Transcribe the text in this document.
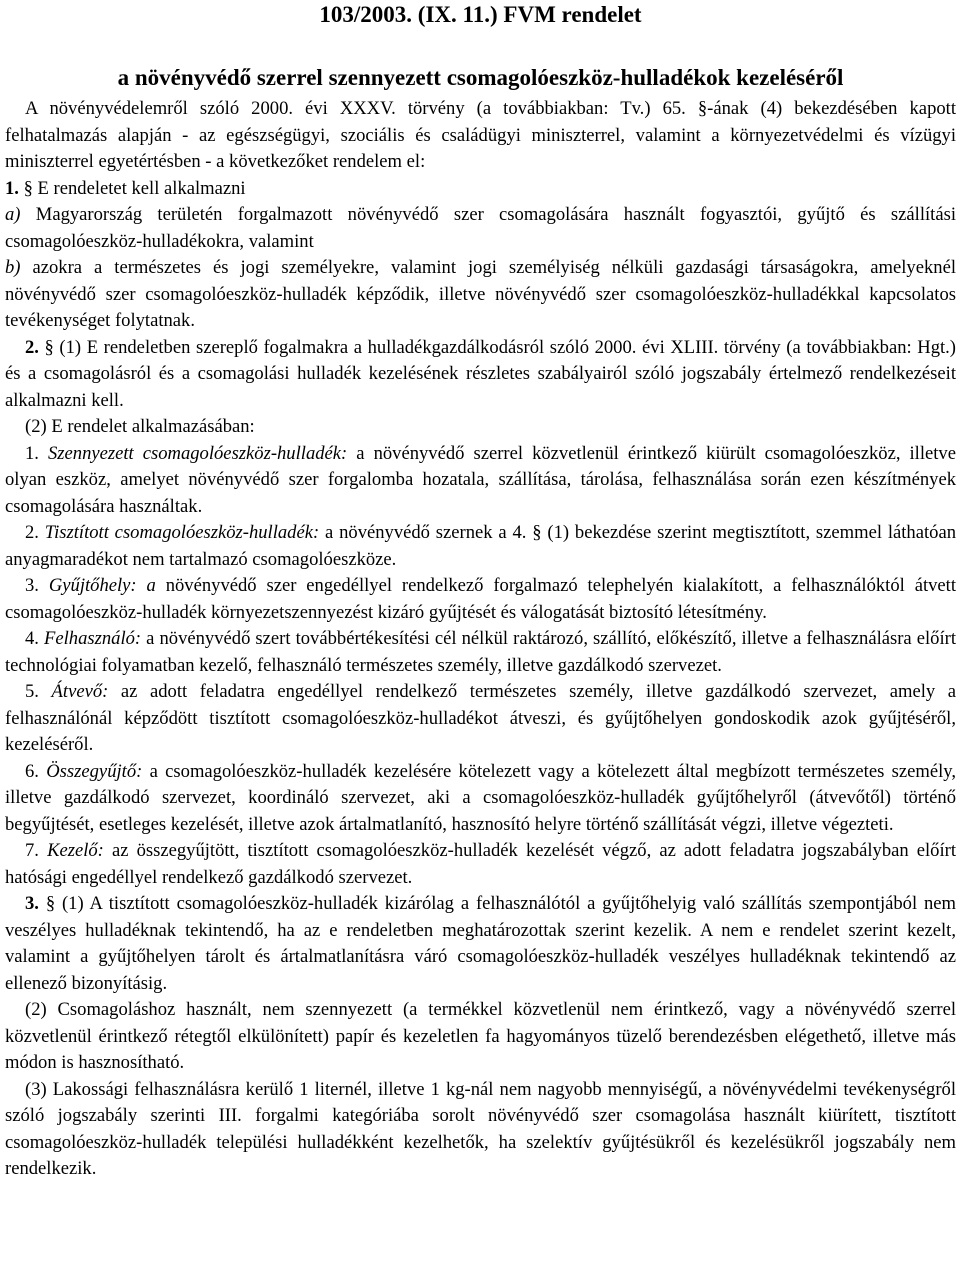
103/2003. (IX. 11.) FVM rendelet
a növényvédő szerrel szennyezett csomagolóeszköz-hulladékok kezeléséről

A növényvédelemről szóló 2000. évi XXXV. törvény (a továbbiakban: Tv.) 65. §-ának (4) bekezdésében kapott felhatalmazás alapján - az egészségügyi, szociális és családügyi miniszterrel, valamint a környezetvédelmi és vízügyi miniszterrel egyetértésben - a következőket rendelem el:

1. § E rendeletet kell alkalmazni

a) Magyarország területén forgalmazott növényvédő szer csomagolására használt fogyasztói, gyűjtő és szállítási csomagolóeszköz-hulladékokra, valamint

b) azokra a természetes és jogi személyekre, valamint jogi személyiség nélküli gazdasági társaságokra, amelyeknél növényvédő szer csomagolóeszköz-hulladék képződik, illetve növényvédő szer csomagolóeszköz-hulladékkal kapcsolatos tevékenységet folytatnak.

2. § (1) E rendeletben szereplő fogalmakra a hulladékgazdálkodásról szóló 2000. évi XLIII. törvény (a továbbiakban: Hgt.) és a csomagolásról és a csomagolási hulladék kezelésének részletes szabályairól szóló jogszabály értelmező rendelkezéseit alkalmazni kell.

(2) E rendelet alkalmazásában:

1. Szennyezett csomagolóeszköz-hulladék: a növényvédő szerrel közvetlenül érintkező kiürült csomagolóeszköz, illetve olyan eszköz, amelyet növényvédő szer forgalomba hozatala, szállítása, tárolása, felhasználása során ezen készítmények csomagolására használtak.

2. Tisztított csomagolóeszköz-hulladék: a növényvédő szernek a 4. § (1) bekezdése szerint megtisztított, szemmel láthatóan anyagmaradékot nem tartalmazó csomagolóeszköze.

3. Gyűjtőhely: a növényvédő szer engedéllyel rendelkező forgalmazó telephelyén kialakított, a felhasználóktól átvett csomagolóeszköz-hulladék környezetszennyezést kizáró gyűjtését és válogatását biztosító létesítmény.

4. Felhasználó: a növényvédő szert továbbértékesítési cél nélkül raktározó, szállító, előkészítő, illetve a felhasználásra előírt technológiai folyamatban kezelő, felhasználó természetes személy, illetve gazdálkodó szervezet.

5. Átvevő: az adott feladatra engedéllyel rendelkező természetes személy, illetve gazdálkodó szervezet, amely a felhasználónál képződött tisztított csomagolóeszköz-hulladékot átveszi, és gyűjtőhelyen gondoskodik azok gyűjtéséről, kezeléséről.

6. Összegyűjtő: a csomagolóeszköz-hulladék kezelésére kötelezett vagy a kötelezett által megbízott természetes személy, illetve gazdálkodó szervezet, koordináló szervezet, aki a csomagolóeszköz-hulladék gyűjtőhelyről (átvevőtől) történő begyűjtését, esetleges kezelését, illetve azok ártalmatlanító, hasznosító helyre történő szállítását végzi, illetve végezteti.

7. Kezelő: az összegyűjtött, tisztított csomagolóeszköz-hulladék kezelését végző, az adott feladatra jogszabályban előírt hatósági engedéllyel rendelkező gazdálkodó szervezet.

3. § (1) A tisztított csomagolóeszköz-hulladék kizárólag a felhasználótól a gyűjtőhelyig való szállítás szempontjából nem veszélyes hulladéknak tekintendő, ha az e rendeletben meghatározottak szerint kezelik. A nem e rendelet szerint kezelt, valamint a gyűjtőhelyen tárolt és ártalmatlanításra váró csomagolóeszköz-hulladék veszélyes hulladéknak tekintendő az ellenező bizonyításig.

(2) Csomagoláshoz használt, nem szennyezett (a termékkel közvetlenül nem érintkező, vagy a növényvédő szerrel közvetlenül érintkező rétegtől elkülönített) papír és kezeletlen fa hagyományos tüzelő berendezésben elégethető, illetve más módon is hasznosítható.

(3) Lakossági felhasználásra kerülő 1 liternél, illetve 1 kg-nál nem nagyobb mennyiségű, a növényvédelmi tevékenységről szóló jogszabály szerinti III. forgalmi kategóriába sorolt növényvédő szer csomagolása használt kiürített, tisztított csomagolóeszköz-hulladék települési hulladékként kezelhetők, ha szelektív gyűjtésükről és kezelésükről jogszabály nem rendelkezik.
